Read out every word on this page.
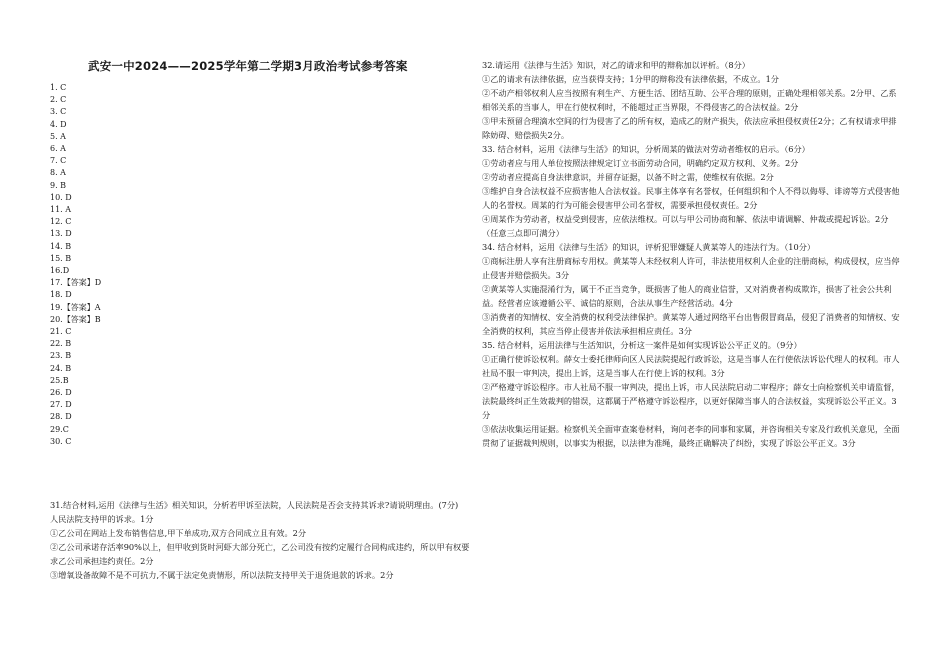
武安一中2024——2025学年第二学期3月政治考试参考答案
1. C
2. C
3. C
4. D
5. A
6. A
7. C
8. A
9. B
10. D
11. A
12. C
13. D
14. B
15. B
16.D
17.【答案】D
18. D
19.【答案】A
20.【答案】B
21. C
22. B
23. B
24. B
25.B
26. D
27. D
28. D
29.C
30. C

31.结合材料,运用《法律与生活》相关知识，分析若甲诉至法院，人民法院是否会支持其诉求?请说明理由。(7分)

人民法院支持甲的诉求。1分

①乙公司在网站上发布销售信息,甲下单成功,双方合同成立且有效。2分

②乙公司承诺存活率90%以上，但甲收到货时河虾大部分死亡，乙公司没有按约定履行合同构成违约，所以甲有权要求乙公司承担违约责任。2分

③增氧设备故障不是不可抗力,不属于法定免责情形，所以法院支持甲关于退货退款的诉求。2分

32.请运用《法律与生活》知识，对乙的请求和甲的辩称加以评析。（8分）

①乙的请求有法律依据，应当获得支持；1分甲的辩称没有法律依据，不成立。1分

②不动产相邻权利人应当按照有利生产、方便生活、团结互助、公平合理的原则，正确处理相邻关系。2分甲、乙系相邻关系的当事人，甲在行使权利时，不能超过正当界限，不得侵害乙的合法权益。2分

③甲未预留合理滴水空间的行为侵害了乙的所有权，造成乙的财产损失，依法应承担侵权责任2分；乙有权请求甲排除妨碍、赔偿损失2分。

33. 结合材料，运用《法律与生活》的知识，分析周某的做法对劳动者维权的启示。（6分）

①劳动者应与用人单位按照法律规定订立书面劳动合同，明确约定双方权利、义务。2分

②劳动者应提高自身法律意识，并留存证据，以备不时之需，使维权有依据。2分

③维护自身合法权益不应损害他人合法权益。民事主体享有名誉权，任何组织和个人不得以侮辱、诽谤等方式侵害他人的名誉权。周某的行为可能会侵害甲公司名誉权，需要承担侵权责任。2分

④周某作为劳动者，权益受到侵害，应依法维权。可以与甲公司协商和解、依法申请调解、仲裁或提起诉讼。2分（任意三点即可满分）

34. 结合材料，运用《法律与生活》的知识，评析犯罪嫌疑人黄某等人的违法行为。（10分）

①商标注册人享有注册商标专用权。黄某等人未经权利人许可，非法使用权利人企业的注册商标，构成侵权，应当停止侵害并赔偿损失。3分

②黄某等人实施混淆行为，属于不正当竞争，既损害了他人的商业信誉，又对消费者构成欺诈，损害了社会公共利益。经营者应该遵循公平、诚信的原则，合法从事生产经营活动。4分

③消费者的知情权、安全消费的权利受法律保护。黄某等人通过网络平台出售假冒商品，侵犯了消费者的知情权、安全消费的权利，其应当停止侵害并依法承担相应责任。3分

35. 结合材料，运用法律与生活知识，分析这一案件是如何实现诉讼公平正义的。（9分）

①正确行使诉讼权利。薛女士委托律师向区人民法院提起行政诉讼，这是当事人在行使依法诉讼代理人的权利。市人社局不服一审判决，提出上诉，这是当事人在行使上诉的权利。3分

②严格遵守诉讼程序。市人社局不服一审判决，提出上诉，市人民法院启动二审程序；薛女士向检察机关申请监督，法院最终纠正生效裁判的错误，这都属于严格遵守诉讼程序，以更好保障当事人的合法权益，实现诉讼公平正义。3分

③依法收集运用证据。检察机关全面审查案卷材料，询问老李的同事和家属，并咨询相关专家及行政机关意见，全面贯彻了证据裁判规则，以事实为根据，以法律为准绳，最终正确解决了纠纷，实现了诉讼公平正义。3分
